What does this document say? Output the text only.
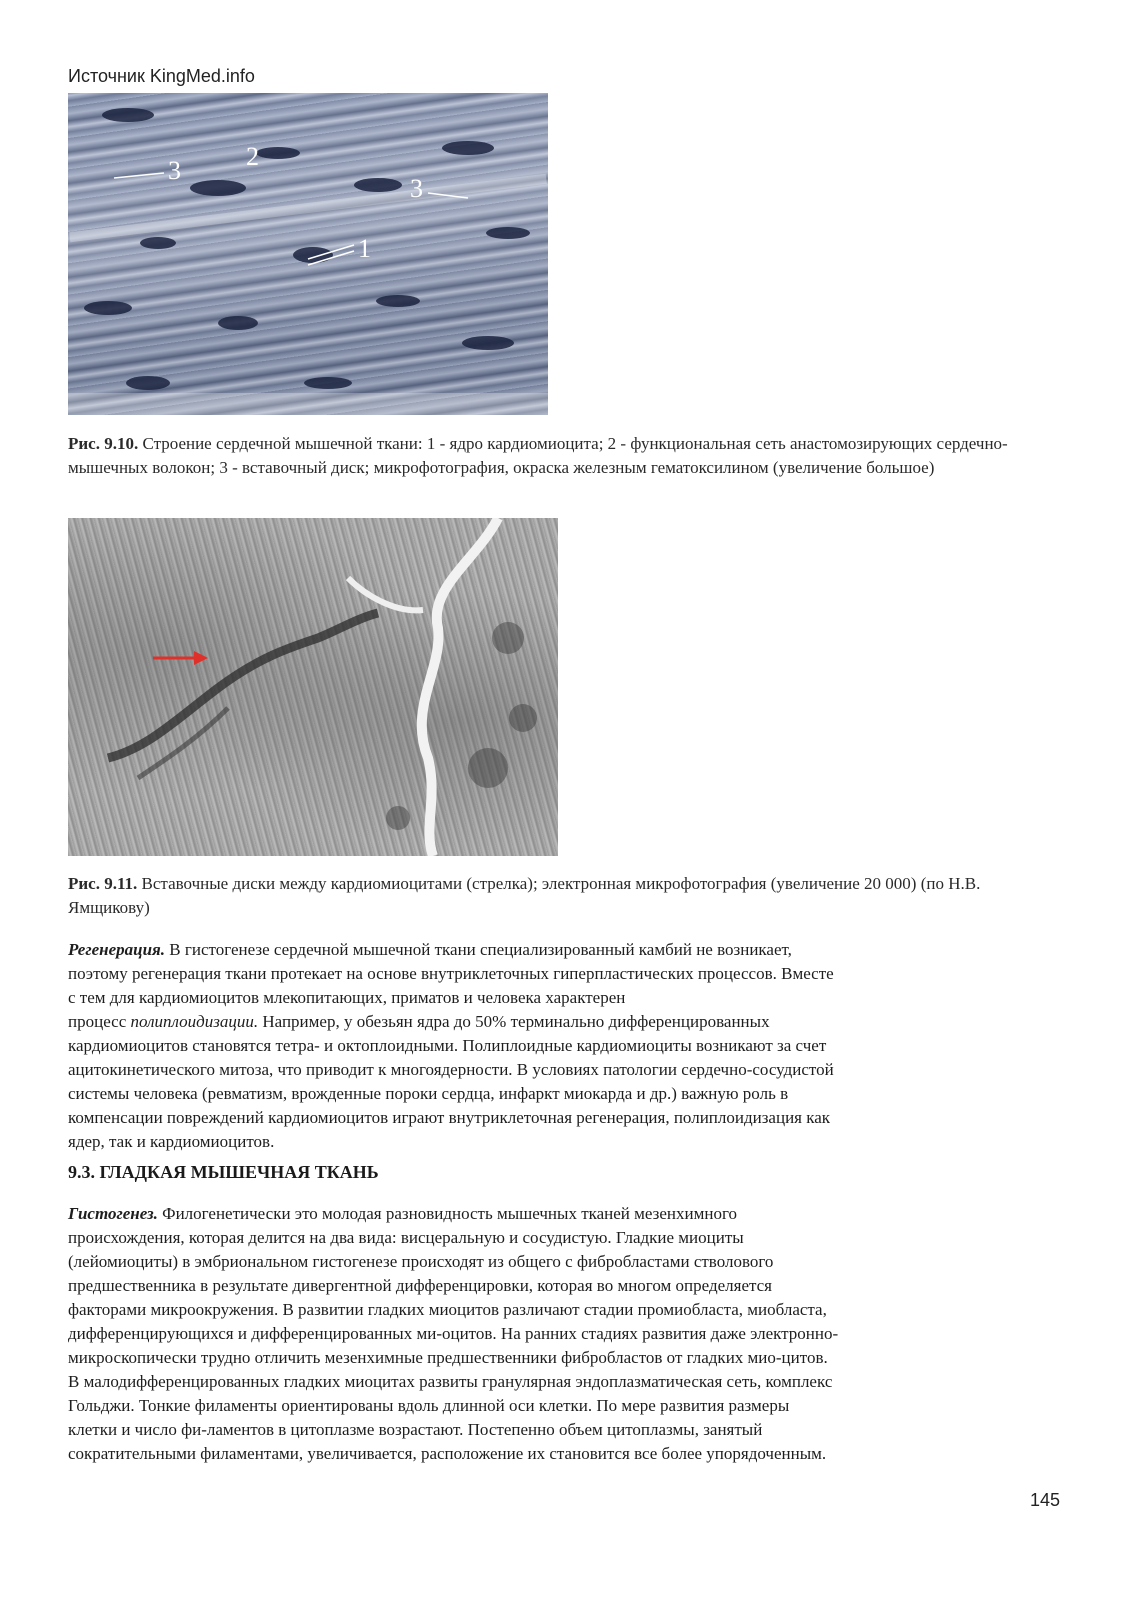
Источник KingMed.info
3	2
3
1
Рис. 9.10. Строение сердечной мышечной ткани: 1 - ядро кардиомиоцита; 2 - функциональная сеть анастомозирующих сердечно-мышечных волокон; 3 - вставочный диск; микрофотография, окраска железным гематоксилином (увеличение большое)
Рис. 9.11. Вставочные диски между кардиомиоцитами (стрелка); электронная микрофотография (увеличение 20 000) (по Н.В. Ямщикову)

Регенерация. В гистогенезе сердечной мышечной ткани специализированный камбий не возникает,

поэтому регенерация ткани протекает на основе внутриклеточных гиперпластических процессов. Вместе

с тем для кардиомиоцитов млекопитающих, приматов и человека характерен

процесс полиплоидизации. Например, у обезьян ядра до 50% терминально дифференцированных

кардиомиоцитов становятся тетра- и октоплоидными. Полиплоидные кардиомиоциты возникают за счет

ацитокинетического митоза, что приводит к многоядерности. В условиях патологии сердечно-сосудистой

системы человека (ревматизм, врожденные пороки сердца, инфаркт миокарда и др.) важную роль в

компенсации повреждений кардиомиоцитов играют внутриклеточная регенерация, полиплоидизация как

ядер, так и кардиомиоцитов.

9.3. ГЛАДКАЯ МЫШЕЧНАЯ ТКАНЬ

Гистогенез. Филогенетически это молодая разновидность мышечных тканей мезенхимного

происхождения, которая делится на два вида: висцеральную и сосудистую. Гладкие миоциты

(лейомиоциты) в эмбриональном гистогенезе происходят из общего с фибробластами стволового

предшественника в результате дивергентной дифференцировки, которая во многом определяется

факторами микроокружения. В развитии гладких миоцитов различают стадии промиобласта, миобласта,

дифференцирующихся и дифференцированных ми-оцитов. На ранних стадиях развития даже электронно-

микроскопически трудно отличить мезенхимные предшественники фибробластов от гладких мио-цитов.

В малодифференцированных гладких миоцитах развиты гранулярная эндоплазматическая сеть, комплекс

Гольджи. Тонкие филаменты ориентированы вдоль длинной оси клетки. По мере развития размеры

клетки и число фи-ламентов в цитоплазме возрастают. Постепенно объем цитоплазмы, занятый

сократительными филаментами, увеличивается, расположение их становится все более упорядоченным.

145
